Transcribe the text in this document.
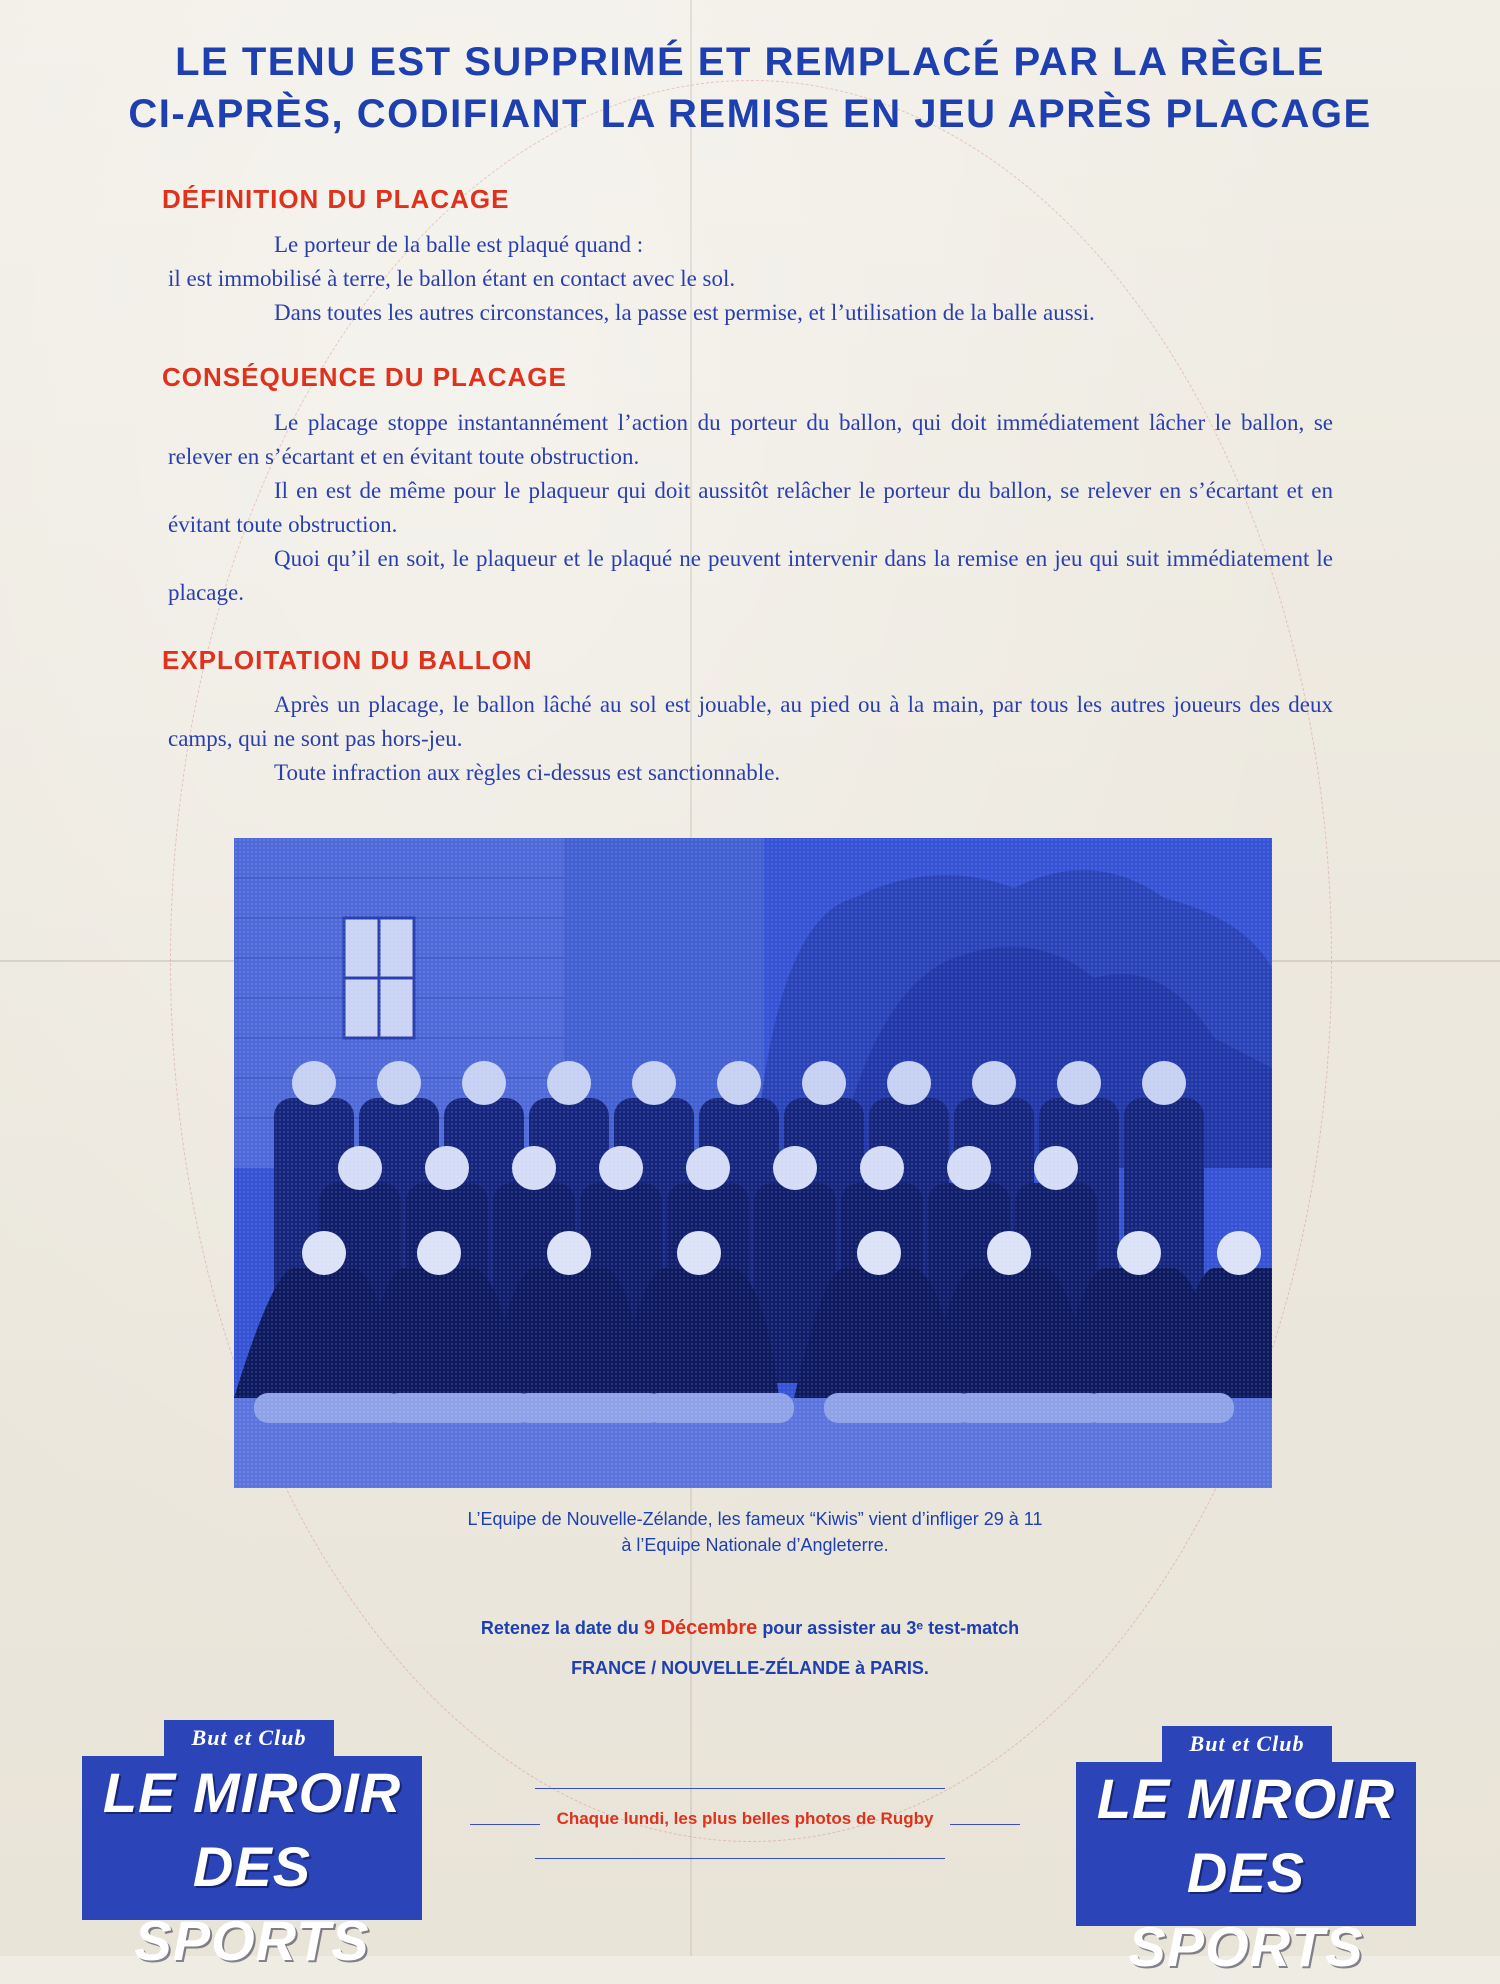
LE TENU EST SUPPRIMÉ ET REMPLACÉ PAR LA RÈGLE
CI-APRÈS, CODIFIANT LA REMISE EN JEU APRÈS PLACAGE
DÉFINITION DU PLACAGE

Le porteur de la balle est plaqué quand :

il est immobilisé à terre, le ballon étant en contact avec le sol.

Dans toutes les autres circonstances, la passe est permise, et l’utilisation de la balle aussi.

CONSÉQUENCE DU PLACAGE

Le placage stoppe instantannément l’action du porteur du ballon, qui doit immédiatement lâcher le ballon, se relever en s’écartant et en évitant toute obstruction.

Il en est de même pour le plaqueur qui doit aussitôt relâcher le porteur du ballon, se relever en s’écartant et en évitant toute obstruction.

Quoi qu’il en soit, le plaqueur et le plaqué ne peuvent intervenir dans la remise en jeu qui suit immédiatement le placage.

EXPLOITATION DU BALLON

Après un placage, le ballon lâché au sol est jouable, au pied ou à la main, par tous les autres joueurs des deux camps, qui ne sont pas hors-jeu.

Toute infraction aux règles ci-dessus est sanctionnable.

L’Equipe de Nouvelle-Zélande, les fameux “Kiwis” vient d’infliger 29 à 11
à l’Equipe Nationale d’Angleterre.
Retenez la date du 9 Décembre pour assister au 3ᵉ test-match
FRANCE / NOUVELLE-ZÉLANDE à PARIS.
But et Club
LE MIROIR
DES SPORTS
Chaque lundi, les plus belles photos de Rugby
But et Club
LE MIROIR
DES SPORTS
